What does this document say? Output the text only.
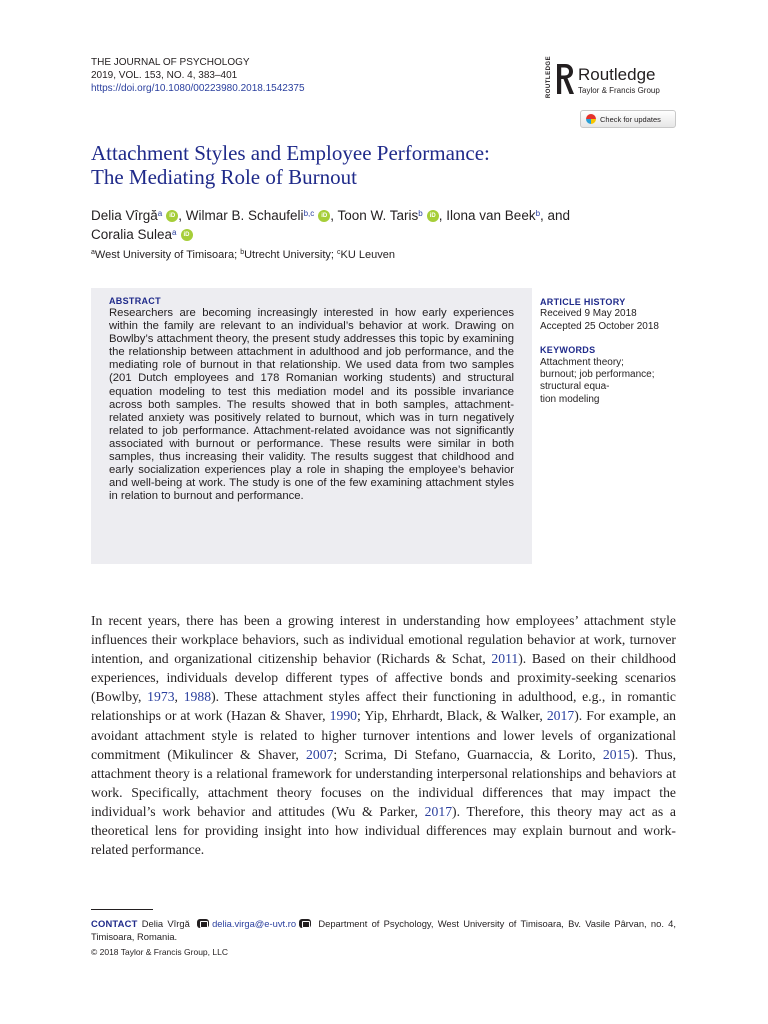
THE JOURNAL OF PSYCHOLOGY
2019, VOL. 153, NO. 4, 383–401
https://doi.org/10.1080/00223980.2018.1542375	ROUTLEDGE Routledge
Taylor & Francis Group
Check for updates
Attachment Styles and Employee Performance:
The Mediating Role of Burnout
Delia Vîrgă$^a$ iD , Wilmar B. Schaufeli$^{b,c}$ iD , Toon W. Taris$^b$ iD , Ilona van Beek$^b$, and
Coralia Sulea$^a$ iD
$^a$West University of Timisoara; $^b$Utrecht University; $^c$KU Leuven
ABSTRACT
Researchers are becoming increasingly interested in how early experiences within the family are relevant to an individual’s behavior at work. Drawing on Bowlby’s attachment theory, the present study addresses this topic by examining the relationship between attachment in adulthood and job performance, and the mediating role of burnout in that relationship. We used data from two samples (201 Dutch employees and 178 Romanian working students) and structural equation modeling to test this mediation model and its possible invariance across both samples. The results showed that in both samples, attachment-related anxiety was positively related to burnout, which was in turn negatively related to job performance. Attachment-related avoidance was not significantly associated with burnout or performance. These results were similar in both samples, thus increasing their validity. The results suggest that childhood and early socialization experiences play a role in shaping the employee’s behavior and well-being at work. The study is one of the few examining attachment styles in relation to burnout and performance.
ARTICLE HISTORY
Received 9 May 2018
Accepted 25 October 2018
KEYWORDS
Attachment theory;
burnout; job performance;
structural equa-
tion modeling
In recent years, there has been a growing interest in understanding how employees’ attachment style influences their workplace behaviors, such as individual emotional regulation behavior at work, turnover intention, and organizational citizenship behavior (Richards & Schat, 2011). Based on their childhood experiences, individuals develop different types of affective bonds and proximity-seeking scenarios (Bowlby, 1973, 1988). These attachment styles affect their functioning in adulthood, e.g., in romantic relationships or at work (Hazan & Shaver, 1990; Yip, Ehrhardt, Black, & Walker, 2017). For example, an avoidant attachment style is related to higher turnover intentions and lower levels of organizational commitment (Mikulincer & Shaver, 2007; Scrima, Di Stefano, Guarnaccia, & Lorito, 2015). Thus, attachment theory is a relational framework for understanding interpersonal relationships and behaviors at work. Specifically, attachment theory focuses on the individual differences that may impact the individual’s work behavior and attitudes (Wu & Parker, 2017). Therefore, this theory may act as a theoretical lens for providing insight into how individual differences may explain burnout and work-related performance.
CONTACT Delia Vîrgă delia.virga@e-uvt.ro Department of Psychology, West University of Timisoara, Bv. Vasile Pârvan, no. 4, Timisoara, Romania.
© 2018 Taylor & Francis Group, LLC
